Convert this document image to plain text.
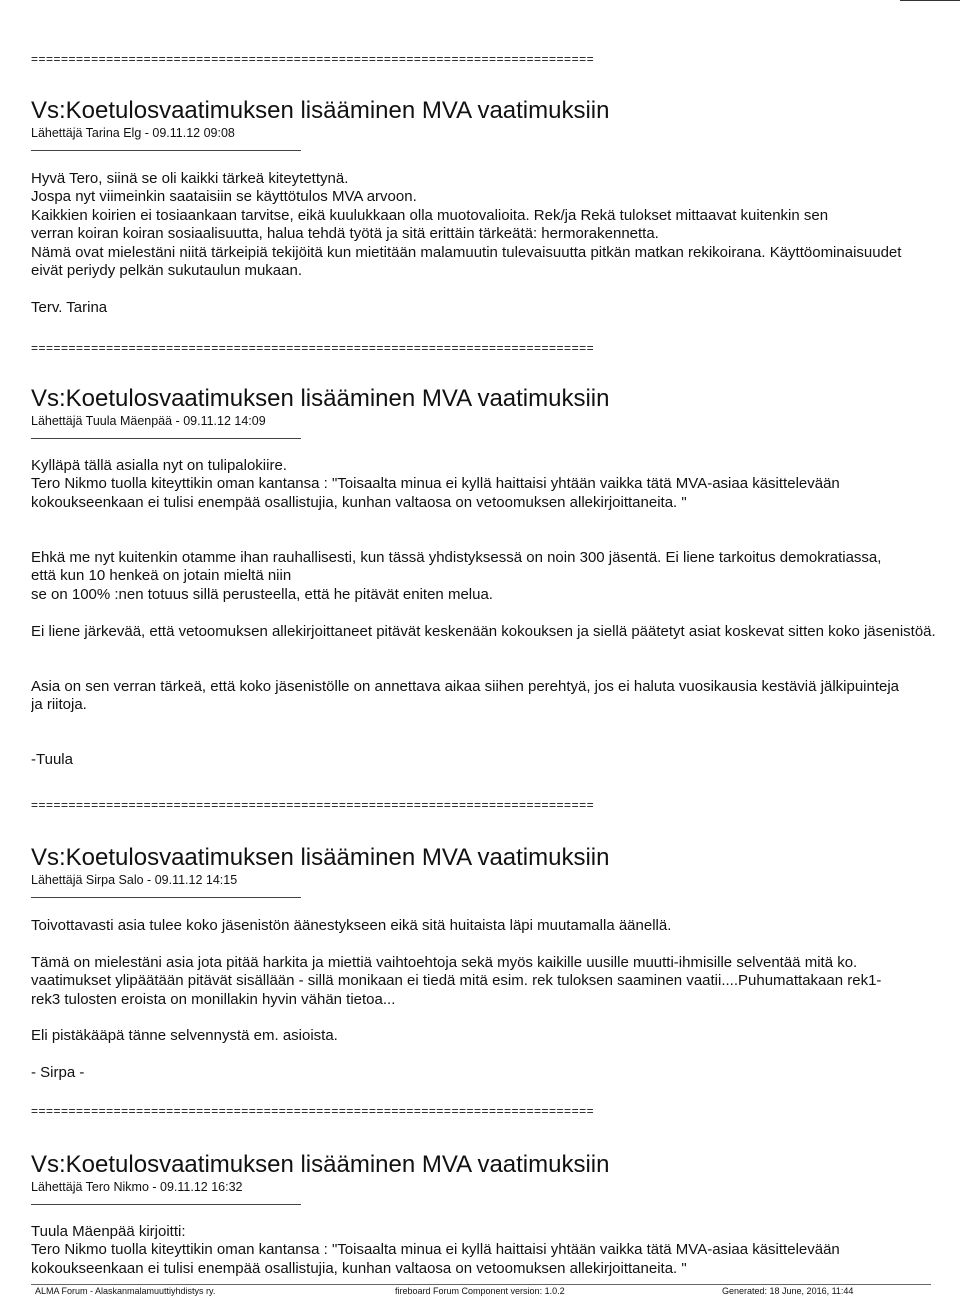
===========================================================================
Vs:Koetulosvaatimuksen lisääminen MVA vaatimuksiin
Lähettäjä Tarina Elg - 09.11.12 09:08
Hyvä Tero, siinä se oli kaikki tärkeä kiteytettynä.
Jospa nyt viimeinkin saataisiin se käyttötulos MVA arvoon.
Kaikkien koirien ei tosiaankaan tarvitse, eikä kuulukkaan olla muotovalioita. Rek/ja Rekä tulokset mittaavat kuitenkin sen
verran koiran koiran sosiaalisuutta, halua tehdä työtä ja sitä erittäin tärkeätä: hermorakennetta.
Nämä ovat mielestäni niitä tärkeipiä tekijöitä kun mietitään malamuutin tulevaisuutta pitkän matkan rekikoirana. Käyttöominaisuudet
eivät periydy pelkän sukutaulun mukaan.
Terv. Tarina
===========================================================================
Vs:Koetulosvaatimuksen lisääminen MVA vaatimuksiin
Lähettäjä Tuula Mäenpää - 09.11.12 14:09
Kylläpä tällä asialla nyt on tulipalokiire.
Tero Nikmo tuolla kiteyttikin oman kantansa : "Toisaalta minua ei kyllä haittaisi yhtään vaikka tätä MVA-asiaa käsittelevään
kokoukseenkaan ei tulisi enempää osallistujia, kunhan valtaosa on vetoomuksen allekirjoittaneita. "
Ehkä me nyt kuitenkin otamme ihan rauhallisesti, kun tässä yhdistyksessä on noin 300 jäsentä. Ei liene tarkoitus demokratiassa,
että kun 10 henkeä on jotain mieltä niin
se on 100% :nen totuus sillä perusteella, että he pitävät eniten melua.
Ei liene järkevää, että vetoomuksen allekirjoittaneet pitävät keskenään kokouksen ja siellä päätetyt asiat koskevat sitten koko jäsenistöä.
Asia on sen verran tärkeä, että koko jäsenistölle on annettava aikaa siihen perehtyä, jos ei haluta vuosikausia kestäviä jälkipuinteja
ja riitoja.
-Tuula
===========================================================================
Vs:Koetulosvaatimuksen lisääminen MVA vaatimuksiin
Lähettäjä Sirpa Salo - 09.11.12 14:15
Toivottavasti asia tulee koko jäsenistön äänestykseen eikä sitä huitaista läpi muutamalla äänellä.
Tämä on mielestäni asia jota pitää harkita ja miettiä vaihtoehtoja sekä myös kaikille uusille muutti-ihmisille selventää mitä ko.
vaatimukset ylipäätään pitävät sisällään - sillä monikaan ei tiedä mitä esim. rek tuloksen saaminen vaatii....Puhumattakaan rek1-
rek3 tulosten eroista on monillakin hyvin vähän tietoa...
Eli pistäkääpä tänne selvennystä em. asioista.
- Sirpa -
===========================================================================
Vs:Koetulosvaatimuksen lisääminen MVA vaatimuksiin
Lähettäjä Tero Nikmo - 09.11.12 16:32
Tuula Mäenpää kirjoitti:
Tero Nikmo tuolla kiteyttikin oman kantansa : "Toisaalta minua ei kyllä haittaisi yhtään vaikka tätä MVA-asiaa käsittelevään
kokoukseenkaan ei tulisi enempää osallistujia, kunhan valtaosa on vetoomuksen allekirjoittaneita. "
ALMA Forum - Alaskanmalamuuttiyhdistys ry.	fireboard Forum Component version: 1.0.2	Generated: 18 June, 2016, 11:44
